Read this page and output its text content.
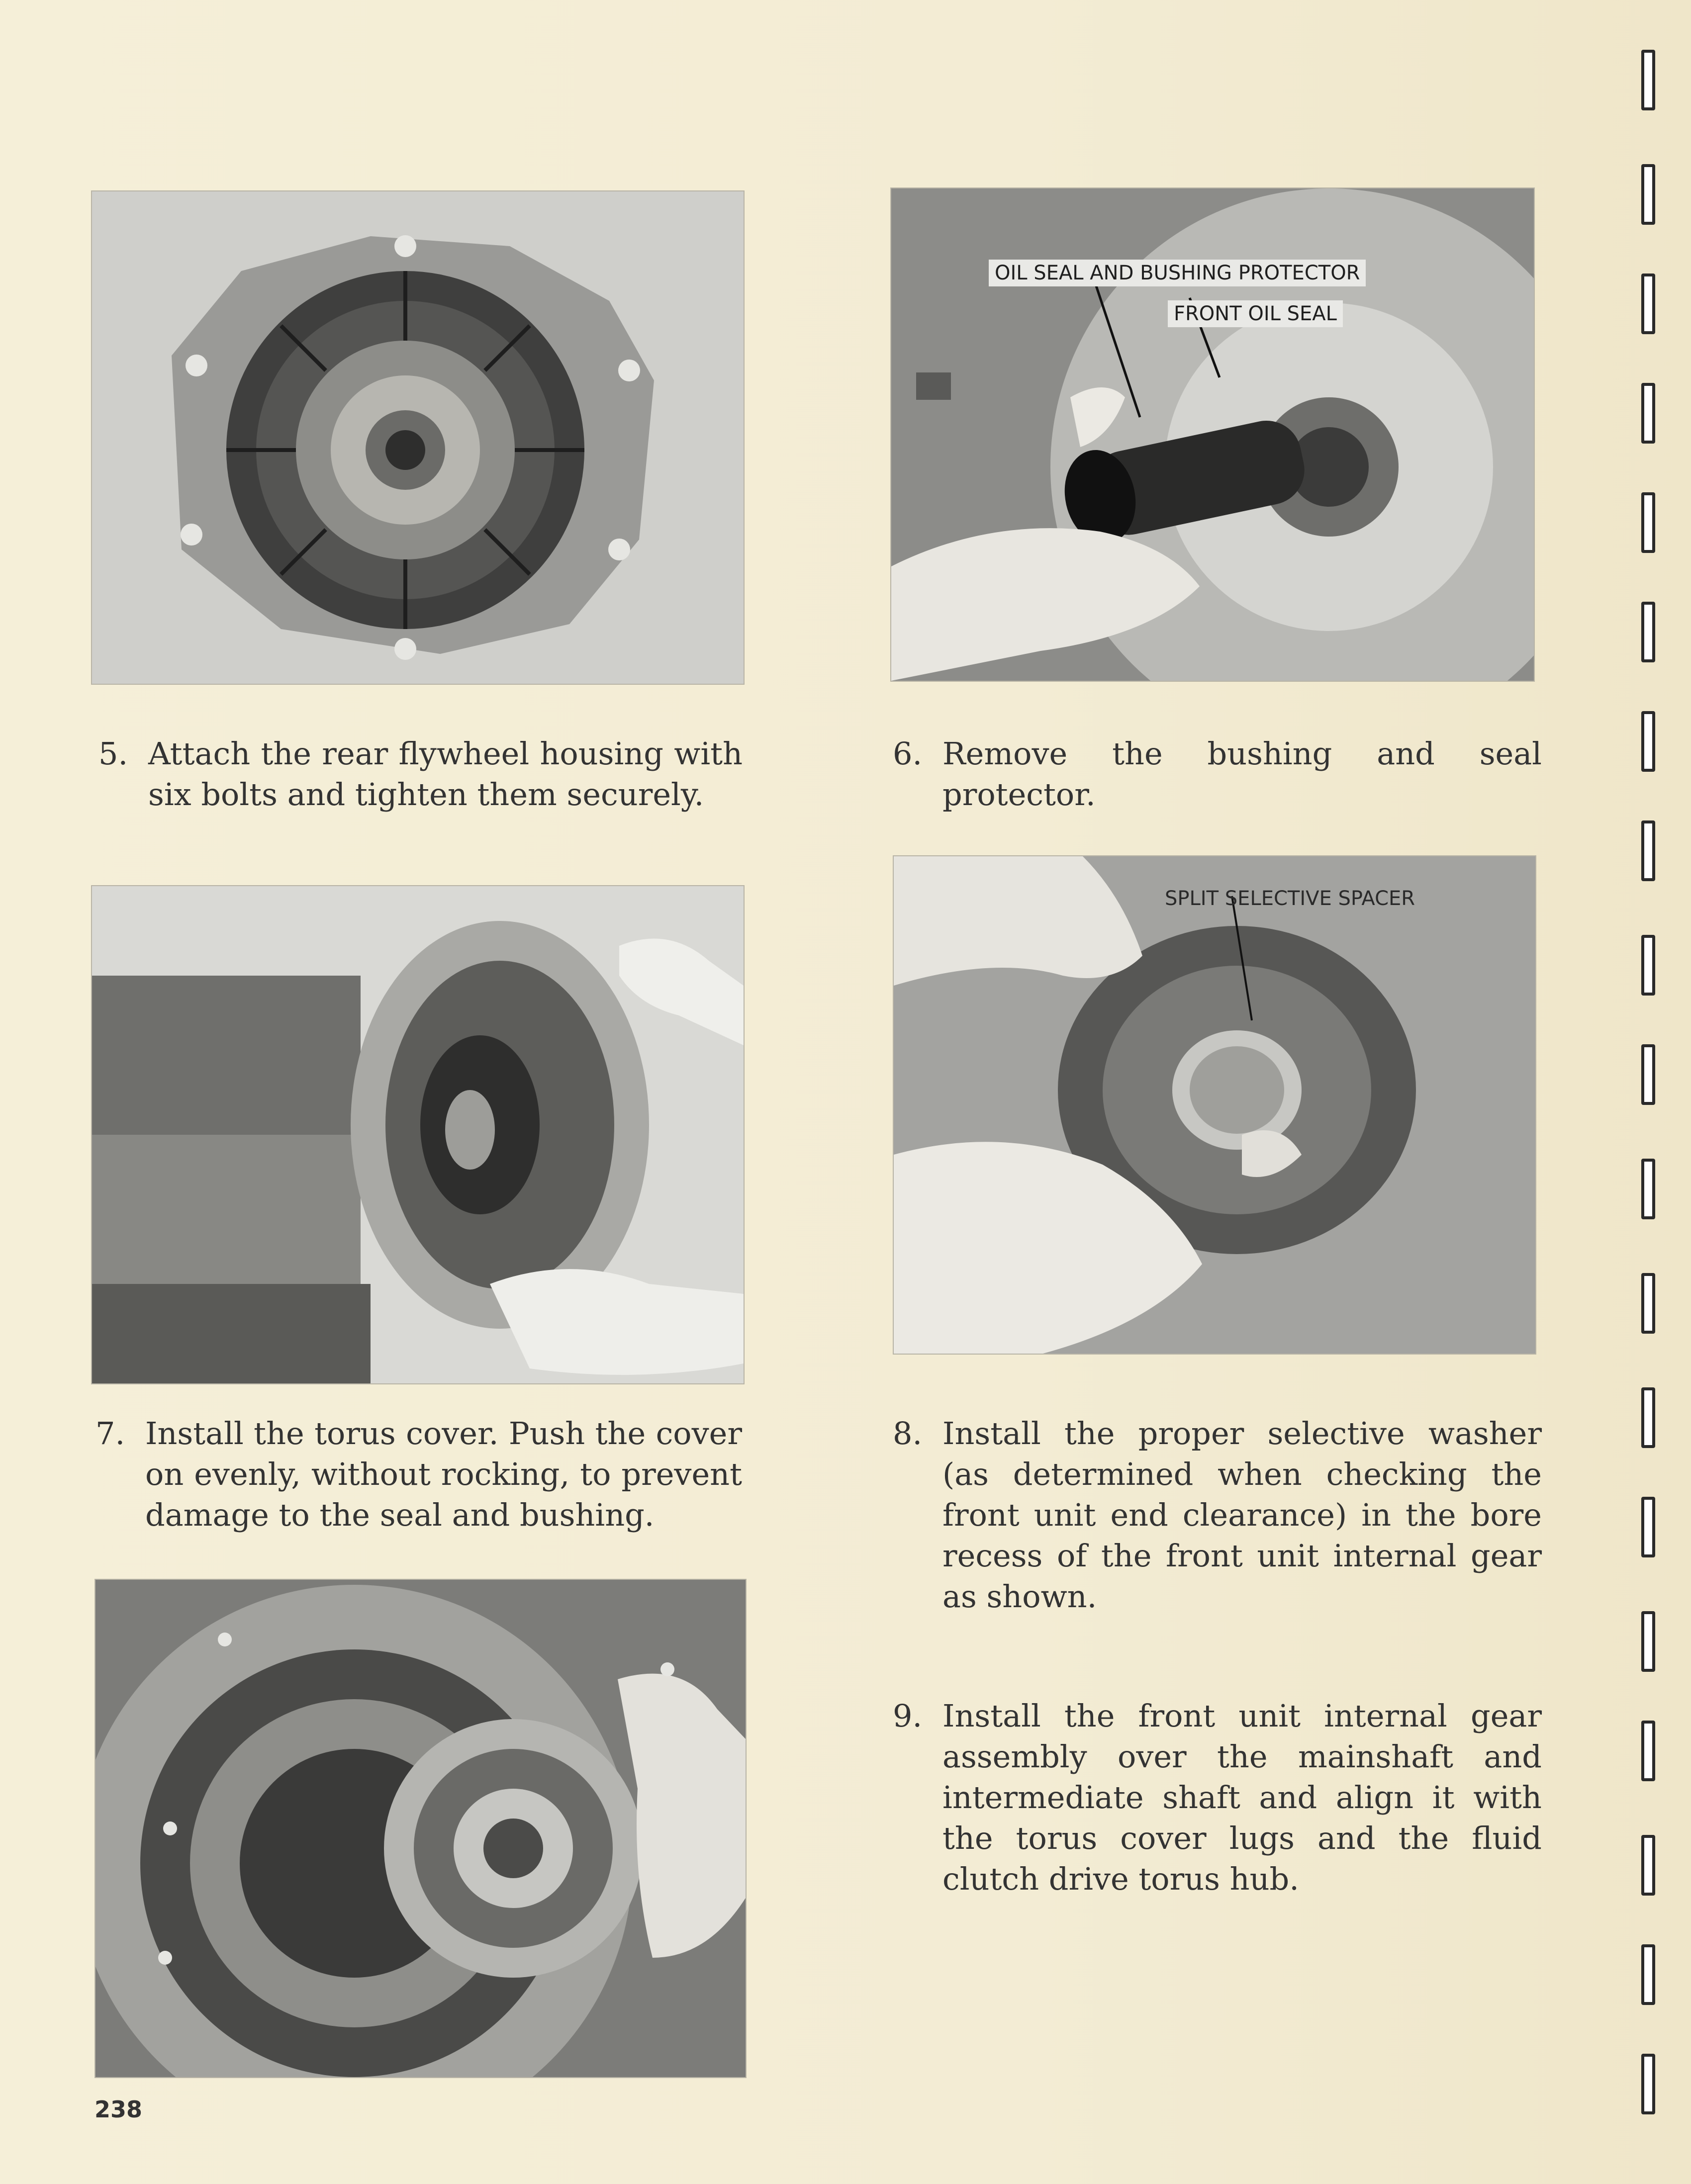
OIL SEAL AND BUSHING PROTECTOR
FRONT OIL SEAL
5. Attach the rear flywheel housing with six bolts and tighten them securely.
6. Remove the bushing and seal protector.
SPLIT SELECTIVE SPACER
7. Install the torus cover. Push the cover on evenly, without rocking, to prevent damage to the seal and bushing.
8. Install the proper selective washer (as determined when checking the front unit end clearance) in the bore recess of the front unit internal gear as shown.
9. Install the front unit internal gear assembly over the mainshaft and intermediate shaft and align it with the torus cover lugs and the fluid clutch drive torus hub.
238
